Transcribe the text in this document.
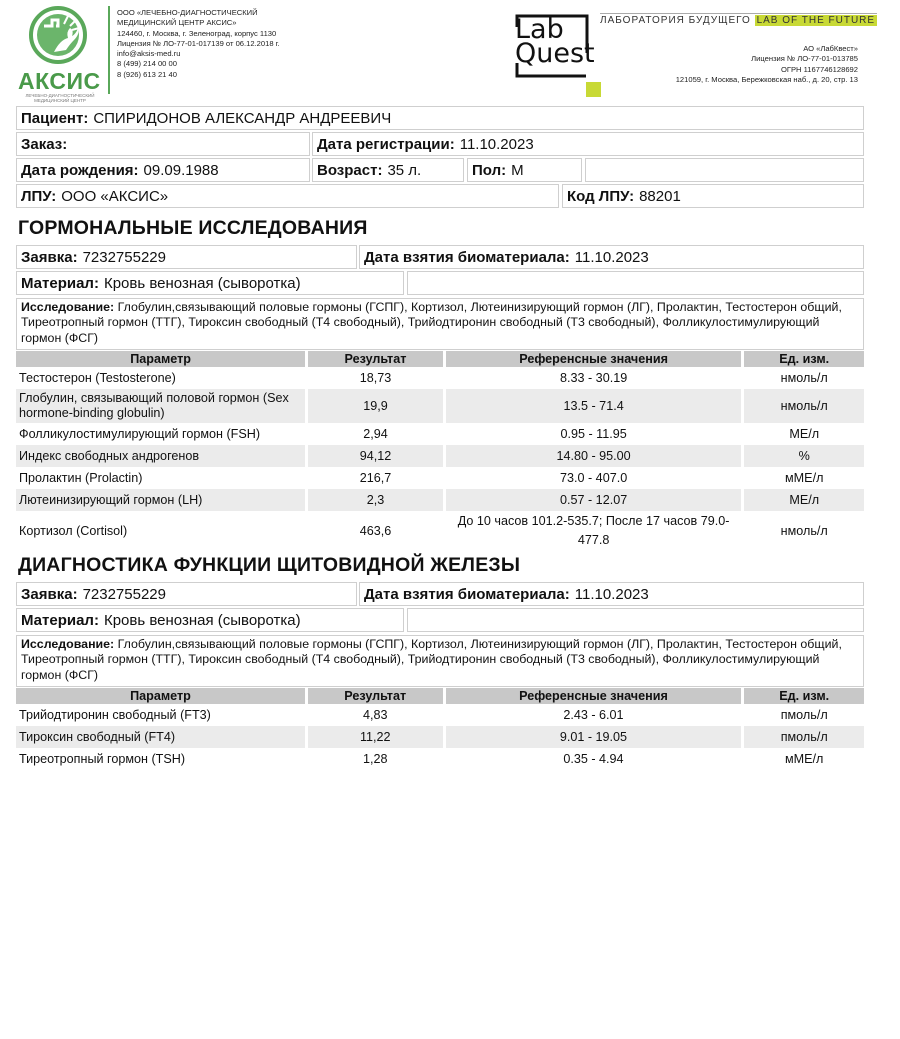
АКСИС
ЛЕЧЕБНО-ДИАГНОСТИЧЕСКИЙ
МЕДИЦИНСКИЙ ЦЕНТР
ООО «ЛЕЧЕБНО-ДИАГНОСТИЧЕСКИЙ
МЕДИЦИНСКИЙ ЦЕНТР АКСИС»
124460, г. Москва, г. Зеленоград, корпус 1130
Лицензия № ЛО-77-01-017139 от 06.12.2018 г.
info@aksis-med.ru
8 (499) 214 00 00
8 (926) 613 21 40
Lab
Quest
ЛАБОРАТОРИЯ БУДУЩЕГО LAB OF THE FUTURE
АО «ЛабКвест»
Лицензия № ЛО-77-01-013785
ОГРН 1167746128692
121059, г. Москва, Бережковская наб., д. 20, стр. 13
Пациент: СПИРИДОНОВ АЛЕКСАНДР АНДРЕЕВИЧ
Заказ:	Дата регистрации: 11.10.2023
Дата рождения: 09.09.1988	Возраст: 35 л.	Пол: М
ЛПУ: ООО «АКСИС»	Код ЛПУ: 88201
ГОРМОНАЛЬНЫЕ ИССЛЕДОВАНИЯ
Заявка: 7232755229	Дата взятия биоматериала: 11.10.2023
Материал: Кровь венозная (сыворотка)
Исследование: Глобулин,связывающий половые гормоны (ГСПГ), Кортизол, Лютеинизирующий гормон (ЛГ), Пролактин, Тестостерон общий, Тиреотропный гормон (ТТГ), Тироксин свободный (Т4 свободный), Трийодтиронин свободный (Т3 свободный), Фолликулостимулирующий гормон (ФСГ)
Параметр	Результат	Референсные значения	Ед. изм.
Тестостерон (Testosterone)	18,73	8.33 - 30.19	нмоль/л
Глобулин, связывающий половой гормон (Sex hormone-binding globulin)	19,9	13.5 - 71.4	нмоль/л
Фолликулостимулирующий гормон (FSH)	2,94	0.95 - 11.95	МЕ/л
Индекс свободных андрогенов	94,12	14.80 - 95.00	%
Пролактин (Prolactin)	216,7	73.0 - 407.0	мМЕ/л
Лютеинизирующий гормон (LH)	2,3	0.57 - 12.07	МЕ/л
Кортизол (Cortisol)	463,6	До 10 часов 101.2-535.7; После 17 часов 79.0-477.8	нмоль/л
ДИАГНОСТИКА ФУНКЦИИ ЩИТОВИДНОЙ ЖЕЛЕЗЫ
Заявка: 7232755229	Дата взятия биоматериала: 11.10.2023
Материал: Кровь венозная (сыворотка)
Исследование: Глобулин,связывающий половые гормоны (ГСПГ), Кортизол, Лютеинизирующий гормон (ЛГ), Пролактин, Тестостерон общий, Тиреотропный гормон (ТТГ), Тироксин свободный (Т4 свободный), Трийодтиронин свободный (Т3 свободный), Фолликулостимулирующий гормон (ФСГ)
Параметр	Результат	Референсные значения	Ед. изм.
Трийодтиронин свободный (FT3)	4,83	2.43 - 6.01	пмоль/л
Тироксин свободный (FT4)	11,22	9.01 - 19.05	пмоль/л
Тиреотропный гормон (TSH)	1,28	0.35 - 4.94	мМЕ/л
